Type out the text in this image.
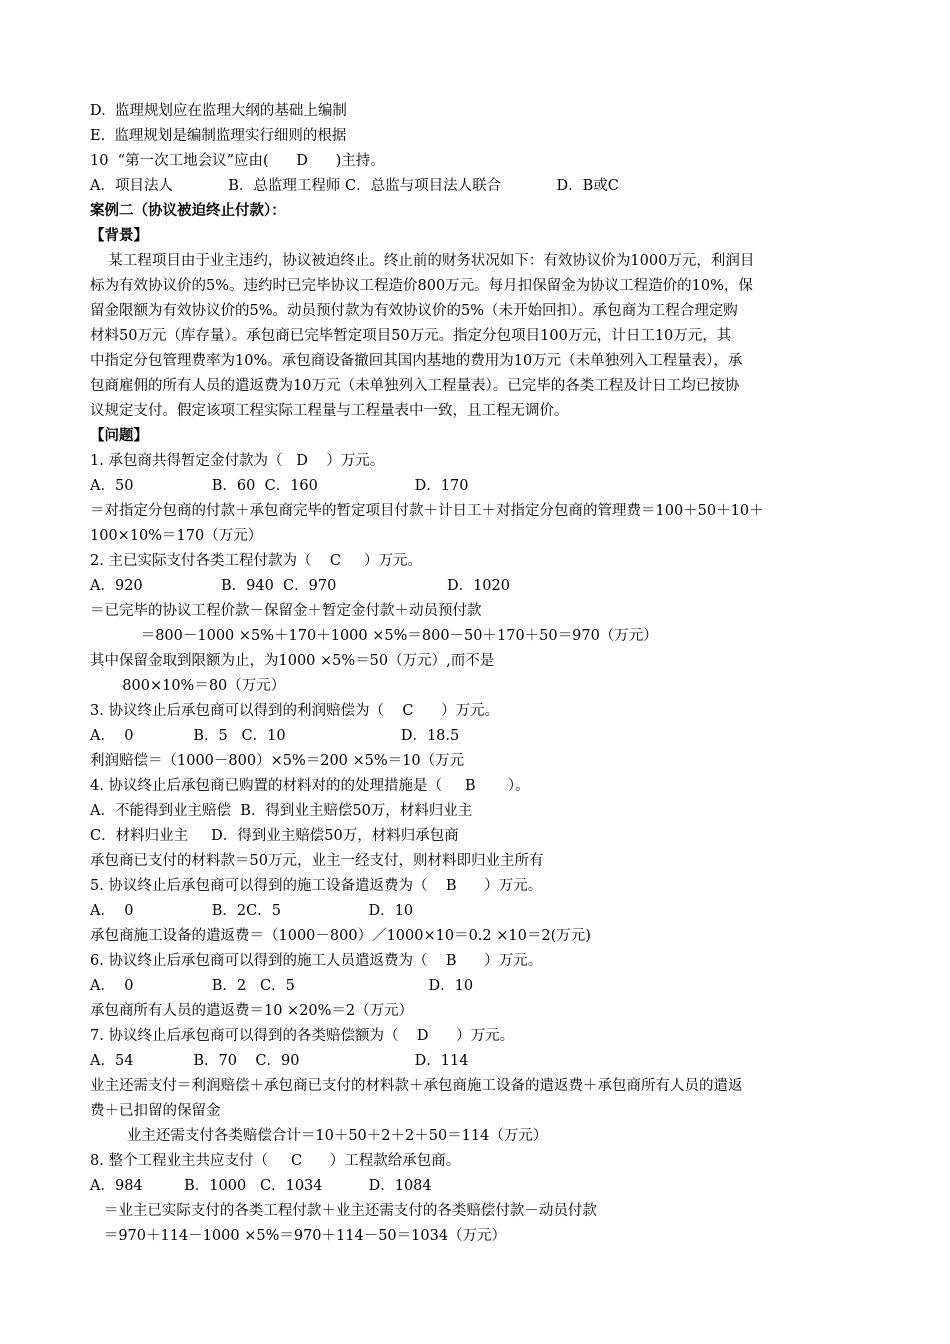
D.  监理规划应在监理大纲的基础上编制

E.  监理规划是编制监理实行细则的根据

10  “第一次工地会议”应由(      D      )主持。

A．项目法人            B．总监理工程师 C．总监与项目法人联合            D．B或C

案例二（协议被迫终止付款）：

【背景】

某工程项目由于业主违约，协议被迫终止。终止前的财务状况如下：有效协议价为1000万元，利润目

标为有效协议价的5%。违约时已完毕协议工程造价800万元。每月扣保留金为协议工程造价的10%，保

留金限额为有效协议价的5%。动员预付款为有效协议价的5%（未开始回扣）。承包商为工程合理定购

材料50万元（库存量）。承包商已完毕暂定项目50万元。指定分包项目100万元，计日工10万元，其

中指定分包管理费率为10%。承包商设备撤回其国内基地的费用为10万元（未单独列入工程量表），承

包商雇佣的所有人员的遣返费为10万元（未单独列入工程量表）。已完毕的各类工程及计日工均已按协

议规定支付。假定该项工程实际工程量与工程量表中一致，且工程无调价。

【问题】

1. 承包商共得暂定金付款为（   D    ）万元。

A．50                 B．60  C．160                     D．170

＝对指定分包商的付款＋承包商完毕的暂定项目付款＋计日工＋对指定分包商的管理费＝100＋50＋10＋

100×10%＝170（万元）

2. 主已实际支付各类工程付款为（    C     ）万元。

A．920                 B．940  C．970                        D．1020

＝已完毕的协议工程价款－保留金＋暂定金付款＋动员预付款

＝800－1000 ×5%＋170＋1000 ×5%＝800－50＋170＋50＝970（万元）

其中保留金取到限额为止，为1000 ×5%＝50（万元）,而不是

800×10%＝80（万元）

3. 协议终止后承包商可以得到的利润赔偿为（    C      ）万元。

A．  0             B．5   C．10                         D．18.5

利润赔偿＝（1000－800）×5%＝200 ×5%＝10（万元

4. 协议终止后承包商已购置的材料对的的处理措施是（     B       ）。

A．不能得到业主赔偿  B．得到业主赔偿50万，材料归业主

C．材料归业主     D．得到业主赔偿50万，材料归承包商

承包商已支付的材料款＝50万元，业主一经支付，则材料即归业主所有

5. 协议终止后承包商可以得到的施工设备遣返费为（    B      ）万元。

A．  0                 B．2C．5                   D．10

承包商施工设备的遣返费＝（1000－800）／1000×10＝0.2 ×10＝2(万元)

6. 协议终止后承包商可以得到的施工人员遣返费为（    B      ）万元。

A．  0                 B．2   C．5                             D．10

承包商所有人员的遣返费＝10 ×20%＝2（万元）

7. 协议终止后承包商可以得到的各类赔偿额为（    D      ）万元。

A．54             B．70    C．90                         D．114

业主还需支付＝利润赔偿＋承包商已支付的材料款＋承包商施工设备的遣返费＋承包商所有人员的遣返

费＋已扣留的保留金

业主还需支付各类赔偿合计＝10＋50＋2＋2＋50＝114（万元）

8. 整个工程业主共应支付（     C      ）工程款给承包商。

A．984         B．1000   C．1034          D．1084

＝业主已实际支付的各类工程付款＋业主还需支付的各类赔偿付款－动员付款

＝970＋114－1000 ×5%＝970＋114－50＝1034（万元）
